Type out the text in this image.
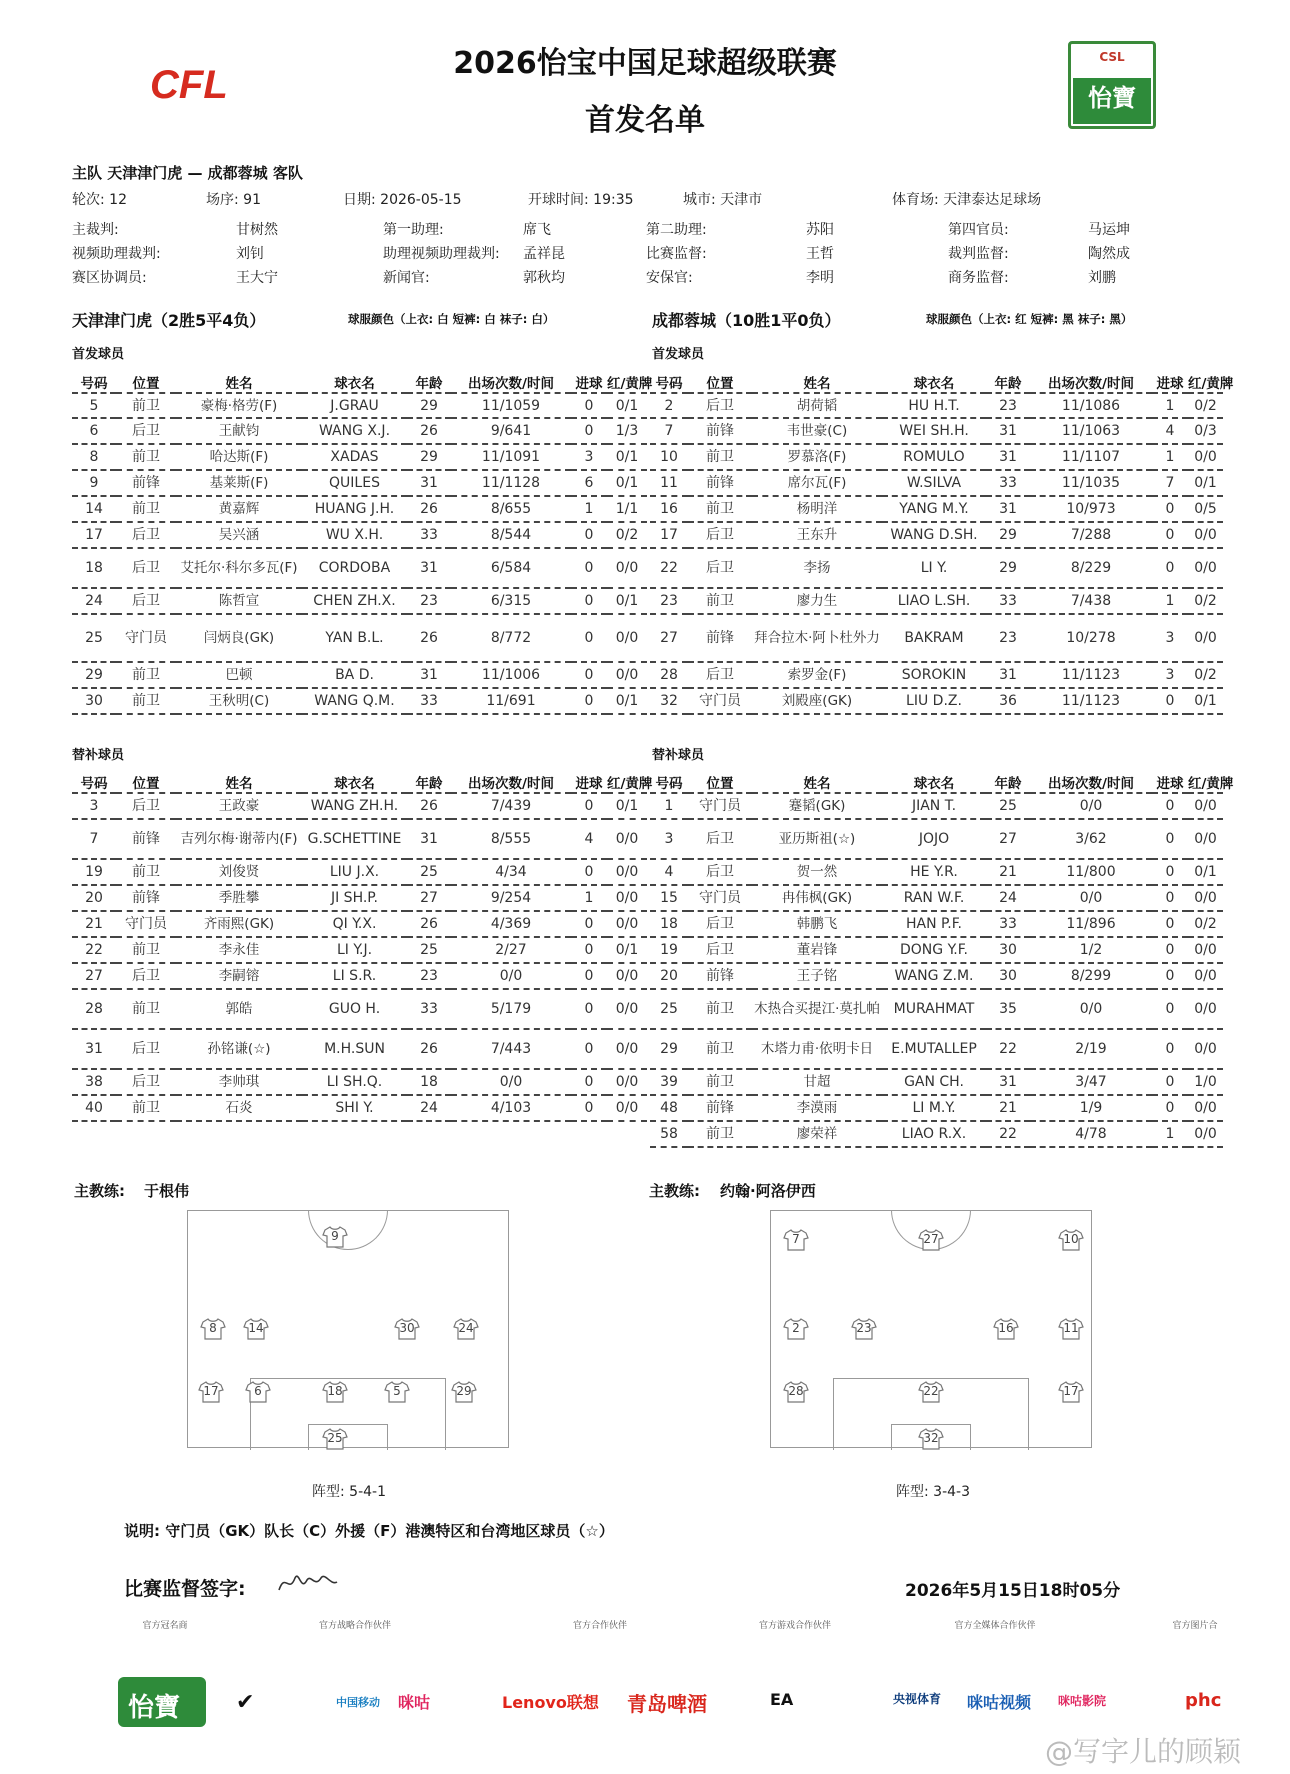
CFL	2026怡宝中国足球超级联赛
首发名单
CSL
怡寶
主队 天津津门虎 — 成都蓉城 客队
轮次: 12	场序: 91	日期: 2026-05-15	开球时间: 19:35	城市: 天津市	体育场: 天津泰达足球场
主裁判:	甘树然	第一助理:	席飞	第二助理:	苏阳	第四官员:	马运坤
视频助理裁判:	刘钊	助理视频助理裁判: 孟祥昆	比赛监督:	王哲	裁判监督:	陶然成
赛区协调员:	王大宁	新闻官:	郭秋均	安保官:	李明	商务监督:	刘鹏
天津津门虎（2胜5平4负）	球服颜色（上衣: 白 短裤: 白 袜子: 白）	成都蓉城（10胜1平0负）	球服颜色（上衣: 红 短裤: 黑 袜子: 黑）
首发球员	首发球员
替补球员	替补球员
号码	位置	姓名	球衣名	年龄	出场次数/时间	进球	红/黄牌
5	前卫	豪梅·格劳(F)	J.GRAU	29	11/1059	0	0/1
6	后卫	王献钧	WANG X.J.	26	9/641	0	1/3
8	前卫	哈达斯(F)	XADAS	29	11/1091	3	0/1
9	前锋	基莱斯(F)	QUILES	31	11/1128	6	0/1
14	前卫	黄嘉辉	HUANG J.H.	26	8/655	1	1/1
17	后卫	吴兴涵	WU X.H.	33	8/544	0	0/2
18	后卫	艾托尔·科尔多瓦(F)	CORDOBA	31	6/584	0	0/0
24	后卫	陈哲宣	CHEN ZH.X.	23	6/315	0	0/1
25	守门员	闫炳良(GK)	YAN B.L.	26	8/772	0	0/0
29	前卫	巴顿	BA D.	31	11/1006	0	0/0
30	前卫	王秋明(C)	WANG Q.M.	33	11/691	0	0/1
号码	位置	姓名	球衣名	年龄	出场次数/时间	进球	红/黄牌
2	后卫	胡荷韬	HU H.T.	23	11/1086	1	0/2
7	前锋	韦世豪(C)	WEI SH.H.	31	11/1063	4	0/3
10	前卫	罗慕洛(F)	ROMULO	31	11/1107	1	0/0
11	前锋	席尔瓦(F)	W.SILVA	33	11/1035	7	0/1
16	前卫	杨明洋	YANG M.Y.	31	10/973	0	0/5
17	后卫	王东升	WANG D.SH.	29	7/288	0	0/0
22	后卫	李扬	LI Y.	29	8/229	0	0/0
23	前卫	廖力生	LIAO L.SH.	33	7/438	1	0/2
27	前锋	拜合拉木·阿卜杜外力	BAKRAM	23	10/278	3	0/0
28	后卫	索罗金(F)	SOROKIN	31	11/1123	3	0/2
32	守门员	刘殿座(GK)	LIU D.Z.	36	11/1123	0	0/1
号码	位置	姓名	球衣名	年龄	出场次数/时间	进球	红/黄牌
3	后卫	王政豪	WANG ZH.H.	26	7/439	0	0/1
7	前锋	吉列尔梅·谢蒂内(F)	G.SCHETTINE	31	8/555	4	0/0
19	前卫	刘俊贤	LIU J.X.	25	4/34	0	0/0
20	前锋	季胜攀	JI SH.P.	27	9/254	1	0/0
21	守门员	齐雨熙(GK)	QI Y.X.	26	4/369	0	0/0
22	前卫	李永佳	LI Y.J.	25	2/27	0	0/1
27	后卫	李嗣镕	LI S.R.	23	0/0	0	0/0
28	前卫	郭皓	GUO H.	33	5/179	0	0/0
31	后卫	孙铭谦(☆)	M.H.SUN	26	7/443	0	0/0
38	后卫	李帅琪	LI SH.Q.	18	0/0	0	0/0
40	前卫	石炎	SHI Y.	24	4/103	0	0/0
号码	位置	姓名	球衣名	年龄	出场次数/时间	进球	红/黄牌
1	守门员	蹇韬(GK)	JIAN T.	25	0/0	0	0/0
3	后卫	亚历斯祖(☆)	JOJO	27	3/62	0	0/0
4	后卫	贺一然	HE Y.R.	21	11/800	0	0/1
15	守门员	冉伟枫(GK)	RAN W.F.	24	0/0	0	0/0
18	后卫	韩鹏飞	HAN P.F.	33	11/896	0	0/2
19	后卫	董岩锋	DONG Y.F.	30	1/2	0	0/0
20	前锋	王子铭	WANG Z.M.	30	8/299	0	0/0
25	前卫	木热合买提江·莫扎帕	MURAHMAT	35	0/0	0	0/0
29	前卫	木塔力甫·依明卡日	E.MUTALLEP	22	2/19	0	0/0
39	前卫	甘超	GAN CH.	31	3/47	0	1/0
48	前锋	李漠雨	LI M.Y.	21	1/9	0	0/0
58	前卫	廖荣祥	LIAO R.X.	22	4/78	1	0/0
主教练: 于根伟	主教练: 约翰·阿洛伊西
9
8	14	30	24
17	6	18	5	29
25
7	27	10
2	23	16	11
28	22	17
32
阵型: 5-4-1	阵型: 3-4-3
说明: 守门员（GK）队长（C）外援（F）港澳特区和台湾地区球员（☆）
比赛监督签字:	2026年5月15日18时05分
官方冠名商	官方战略合作伙伴	官方合作伙伴	官方游戏合作伙伴	官方全媒体合作伙伴	官方图片合
怡寶	✔	中国移动 咪咕	Lenovo联想 青岛啤酒	EA	央视体育 咪咕视频 咪咕影院	phc
@写字儿的顾颖
